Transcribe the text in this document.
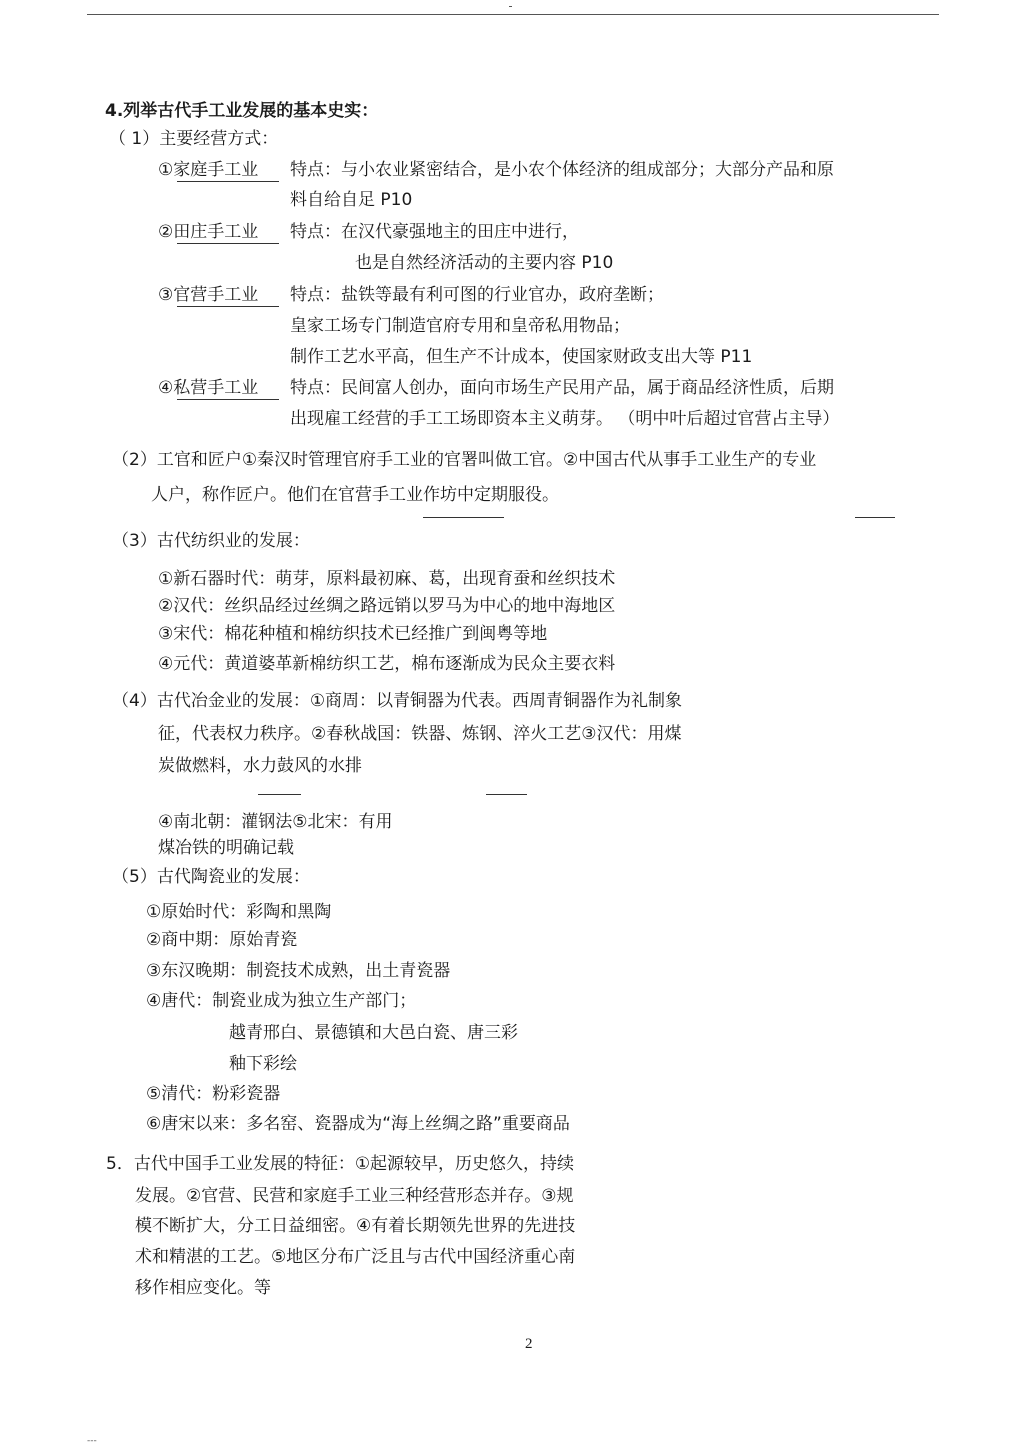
4.列举古代手工业发展的基本史实：
（ 1）主要经营方式：
①家庭手工业 特点：与小农业紧密结合，是小农个体经济的组成部分；大部分产品和原
料自给自足 P10
②田庄手工业 特点：在汉代豪强地主的田庄中进行，
也是自然经济活动的主要内容 P10
③官营手工业 特点：盐铁等最有利可图的行业官办，政府垄断；
皇家工场专门制造官府专用和皇帝私用物品；
制作工艺水平高，但生产不计成本，使国家财政支出大等 P11
④私营手工业 特点：民间富人创办，面向市场生产民用产品，属于商品经济性质，后期
出现雇工经营的手工工场即资本主义萌芽。 （明中叶后超过官营占主导）
（2）工官和匠户①秦汉时管理官府手工业的官署叫做工官。②中国古代从事手工业生产的专业
人户，称作匠户。他们在官营手工业作坊中定期服役。
（3）古代纺织业的发展：
①新石器时代：萌芽，原料最初麻、葛，出现育蚕和丝织技术
②汉代：丝织品经过丝绸之路远销以罗马为中心的地中海地区
③宋代：棉花种植和棉纺织技术已经推广到闽粤等地
④元代：黄道婆革新棉纺织工艺，棉布逐渐成为民众主要衣料
（4）古代冶金业的发展：①商周：以青铜器为代表。西周青铜器作为礼制象
征，代表权力秩序。②春秋战国：铁器、炼钢、淬火工艺③汉代：用煤
炭做燃料，水力鼓风的水排
④南北朝：灌钢法⑤北宋：有用
煤冶铁的明确记载
（5）古代陶瓷业的发展：
①原始时代：彩陶和黑陶
②商中期：原始青瓷
③东汉晚期：制瓷技术成熟，出土青瓷器
④唐代：制瓷业成为独立生产部门；
越青邢白、景德镇和大邑白瓷、唐三彩
釉下彩绘
⑤清代：粉彩瓷器
⑥唐宋以来：多名窑、瓷器成为“海上丝绸之路”重要商品
5．古代中国手工业发展的特征：①起源较早，历史悠久，持续
发展。②官营、民营和家庭手工业三种经营形态并存。③规
模不断扩大，分工日益细密。④有着长期领先世界的先进技
术和精湛的工艺。⑤地区分布广泛且与古代中国经济重心南
移作相应变化。等
2
---
